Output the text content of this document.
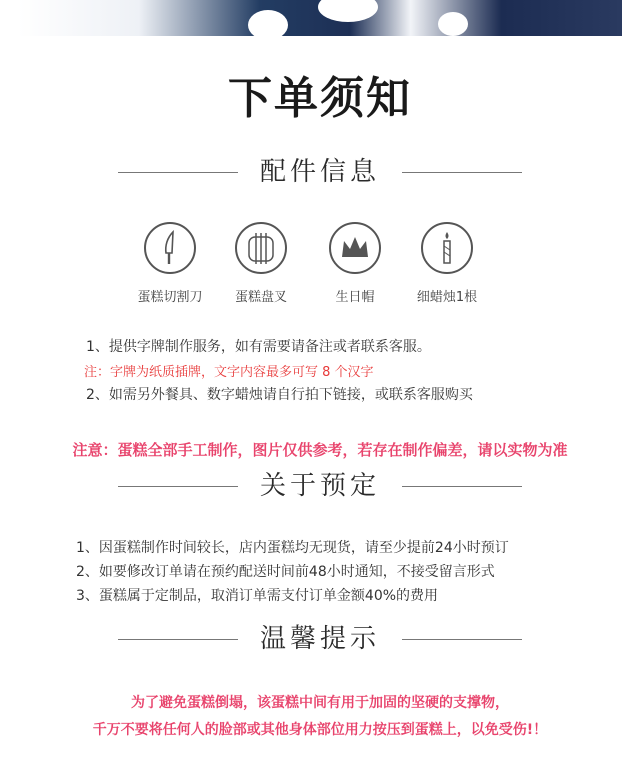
下单须知
配件信息
蛋糕切割刀	蛋糕盘叉	生日帽	细蜡烛1根
1、提供字牌制作服务，如有需要请备注或者联系客服。
注：字牌为纸质插牌，文字内容最多可写 8 个汉字
2、如需另外餐具、数字蜡烛请自行拍下链接，或联系客服购买
注意：蛋糕全部手工制作，图片仅供参考，若存在制作偏差，请以实物为准
关于预定
1、因蛋糕制作时间较长，店内蛋糕均无现货，请至少提前24小时预订
2、如要修改订单请在预约配送时间前48小时通知，不接受留言形式
3、蛋糕属于定制品，取消订单需支付订单金额40%的费用
温馨提示
为了避免蛋糕倒塌，该蛋糕中间有用于加固的坚硬的支撑物，
千万不要将任何人的脸部或其他身体部位用力按压到蛋糕上，以免受伤!！
